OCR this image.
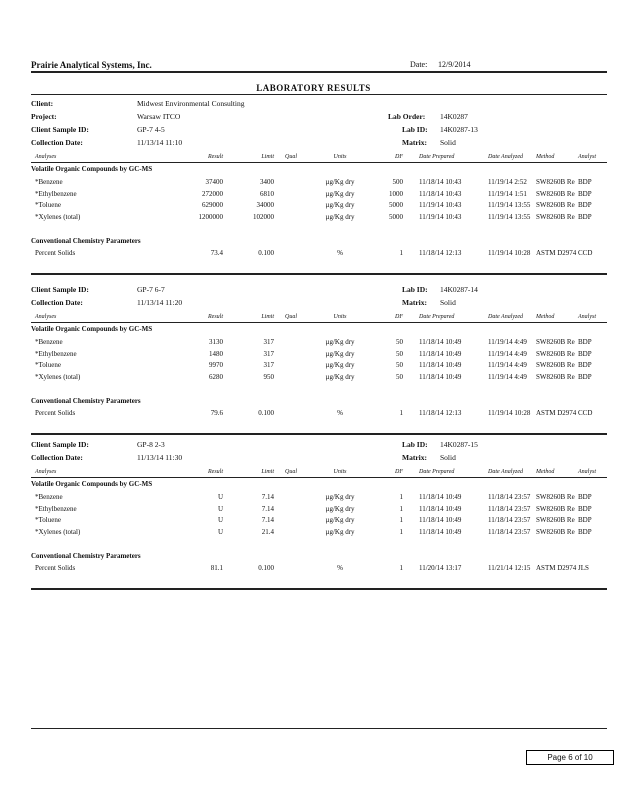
Prairie Analytical Systems, Inc.	Date: 12/9/2014
LABORATORY RESULTS
Client:	Midwest Environmental Consulting
Project:	Warsaw ITCO	Lab Order: 14K0287
Client Sample ID:	GP-7 4-5	Lab ID: 14K0287-13
Collection Date:	11/13/14 11:10	Matrix: Solid
Analyses	Result	Limit Qual	Units	DF	Date Prepared	Date Analyzed Method	Analyst
Volatile Organic Compounds by GC-MS
*Benzene	37400	3400	µg/Kg dry	500 11/18/14 10:43	11/19/14 2:52 SW8260B Re BDP
*Ethylbenzene	272000	6810	µg/Kg dry	1000 11/18/14 10:43	11/19/14 1:51 SW8260B Re BDP
*Toluene	629000	34000	µg/Kg dry	5000 11/19/14 10:43	11/19/14 13:55 SW8260B Re BDP
*Xylenes (total)	1200000	102000	µg/Kg dry	5000 11/19/14 10:43	11/19/14 13:55 SW8260B Re BDP
Conventional Chemistry Parameters
Percent Solids	73.4	0.100	%	1 11/18/14 12:13	11/19/14 10:28 ASTM D2974 CCD
Client Sample ID:	GP-7 6-7	Lab ID: 14K0287-14
Collection Date:	11/13/14 11:20	Matrix: Solid
Analyses	Result	Limit Qual	Units	DF	Date Prepared	Date Analyzed Method	Analyst
Volatile Organic Compounds by GC-MS
*Benzene	3130	317	µg/Kg dry	50 11/18/14 10:49	11/19/14 4:49 SW8260B Re BDP
*Ethylbenzene	1480	317	µg/Kg dry	50 11/18/14 10:49	11/19/14 4:49 SW8260B Re BDP
*Toluene	9970	317	µg/Kg dry	50 11/18/14 10:49	11/19/14 4:49 SW8260B Re BDP
*Xylenes (total)	6280	950	µg/Kg dry	50 11/18/14 10:49	11/19/14 4:49 SW8260B Re BDP
Conventional Chemistry Parameters
Percent Solids	79.6	0.100	%	1 11/18/14 12:13	11/19/14 10:28 ASTM D2974 CCD
Client Sample ID:	GP-8 2-3	Lab ID: 14K0287-15
Collection Date:	11/13/14 11:30	Matrix: Solid
Analyses	Result	Limit Qual	Units	DF	Date Prepared	Date Analyzed Method	Analyst
Volatile Organic Compounds by GC-MS
*Benzene	U	7.14	µg/Kg dry	1 11/18/14 10:49	11/18/14 23:57 SW8260B Re BDP
*Ethylbenzene	U	7.14	µg/Kg dry	1 11/18/14 10:49	11/18/14 23:57 SW8260B Re BDP
*Toluene	U	7.14	µg/Kg dry	1 11/18/14 10:49	11/18/14 23:57 SW8260B Re BDP
*Xylenes (total)	U	21.4	µg/Kg dry	1 11/18/14 10:49	11/18/14 23:57 SW8260B Re BDP
Conventional Chemistry Parameters
Percent Solids	81.1	0.100	%	1 11/20/14 13:17	11/21/14 12:15 ASTM D2974 JLS
Page 6 of 10
